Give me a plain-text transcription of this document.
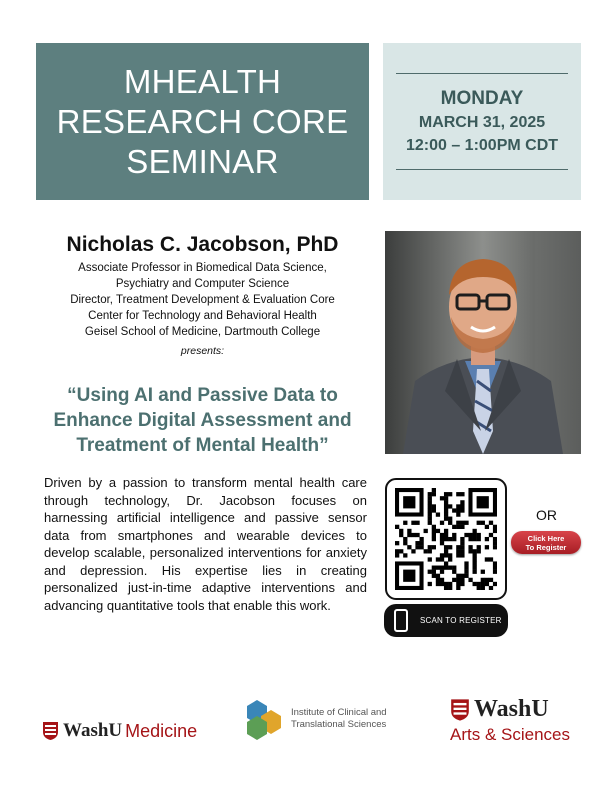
MHEALTH
RESEARCH CORE
SEMINAR
MONDAY
MARCH 31, 2025
12:00 – 1:00PM CDT
Nicholas C. Jacobson, PhD
Associate Professor in Biomedical Data Science,
Psychiatry and Computer Science
Director, Treatment Development & Evaluation Core
Center for Technology and Behavioral Health
Geisel School of Medicine, Dartmouth College
presents:
“Using AI and Passive Data to
Enhance Digital Assessment and
Treatment of Mental Health”
Driven by a passion to transform mental health care through technology, Dr. Jacobson focuses on harnessing artificial intelligence and passive sensor data from smartphones and wearable devices to develop scalable, personalized interventions for anxiety and depression. His expertise lies in creating personalized just-in-time adaptive interventions and advancing quantitative tools that enable this work.
SCAN TO REGISTER
OR
Click Here
To Register
WashU Medicine
Institute of Clinical and
Translational Sciences
WashU
Arts & Sciences
